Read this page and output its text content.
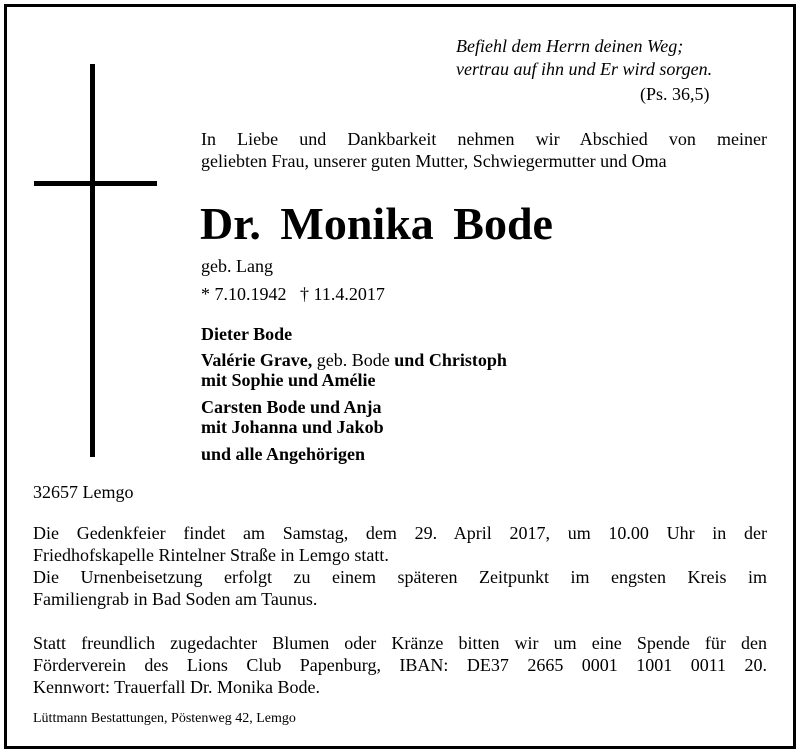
Befiehl dem Herrn deinen Weg;
vertrau auf ihn und Er wird sorgen.
(Ps. 36,5)
In Liebe und Dankbarkeit nehmen wir Abschied von meiner
geliebten Frau, unserer guten Mutter, Schwiegermutter und Oma
Dr. Monika Bode
geb. Lang
* 7.10.1942   † 11.4.2017
Dieter Bode
Valérie Grave, geb. Bode und Christoph
mit Sophie und Amélie
Carsten Bode und Anja
mit Johanna und Jakob
und alle Angehörigen
32657 Lemgo
Die Gedenkfeier findet am Samstag, dem 29. April 2017, um 10.00 Uhr in der
Friedhofskapelle Rintelner Straße in Lemgo statt.
Die Urnenbeisetzung erfolgt zu einem späteren Zeitpunkt im engsten Kreis im
Familiengrab in Bad Soden am Taunus.
Statt freundlich zugedachter Blumen oder Kränze bitten wir um eine Spende für den
Förderverein des Lions Club Papenburg, IBAN: DE37 2665 0001 1001 0011 20.
Kennwort: Trauerfall Dr. Monika Bode.
Lüttmann Bestattungen, Pöstenweg 42, Lemgo
